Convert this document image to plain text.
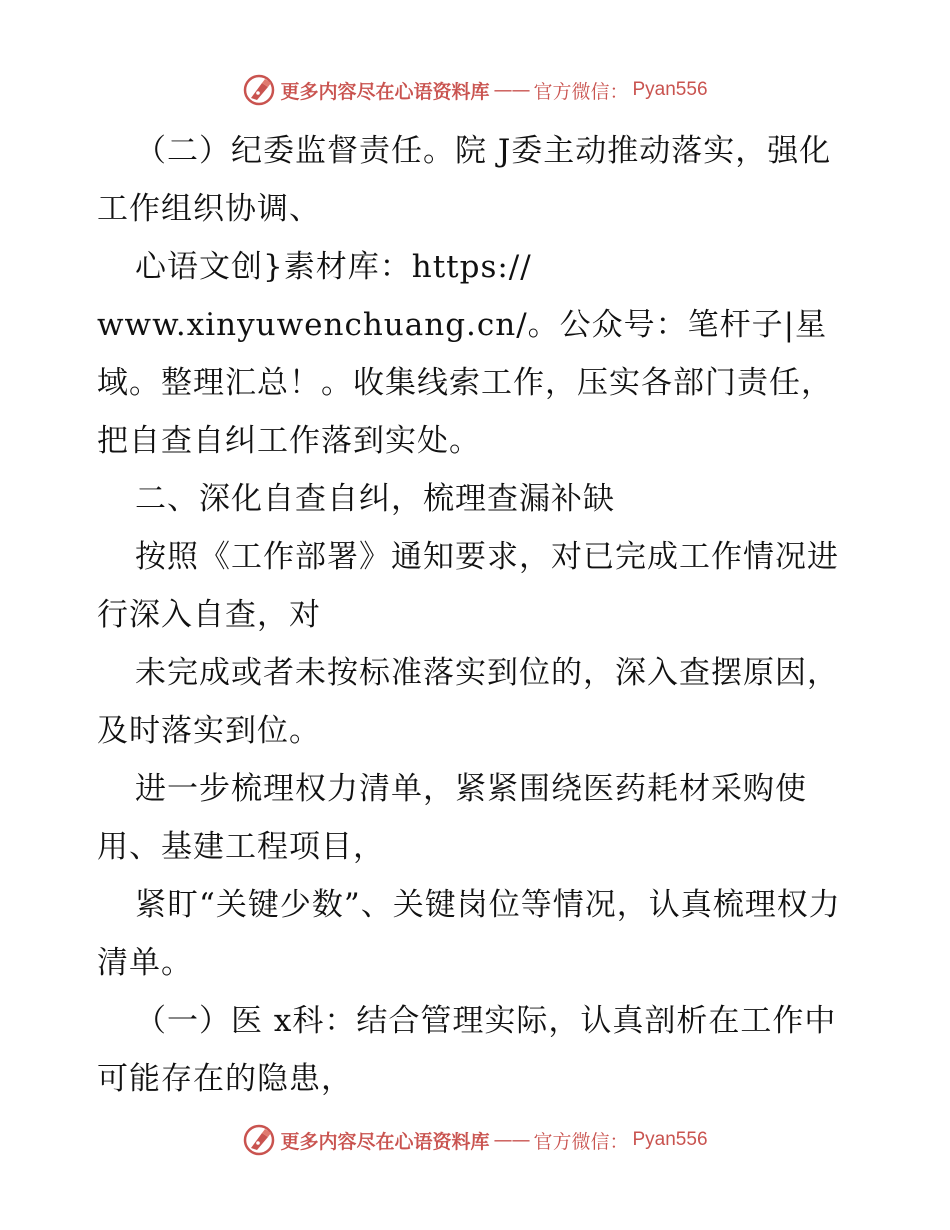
更多内容尽在心语资料库 —— 官方微信： Pyan556

（二）纪委监督责任。院 J委主动推动落实，强化工作组织协调、

心语文创}素材库：https://

www.xinyuwenchuang.cn/。公众号：笔杆子|星域。整理汇总！。收集线索工作，压实各部门责任，把自查自纠工作落到实处。

二、深化自查自纠，梳理查漏补缺

按照《工作部署》通知要求，对已完成工作情况进行深入自查，对

未完成或者未按标准落实到位的，深入查摆原因，及时落实到位。

进一步梳理权力清单，紧紧围绕医药耗材采购使用、基建工程项目，

紧盯“关键少数”、关键岗位等情况，认真梳理权力清单。

（一）医 x科：结合管理实际，认真剖析在工作中可能存在的隐患，

更多内容尽在心语资料库 —— 官方微信： Pyan556
